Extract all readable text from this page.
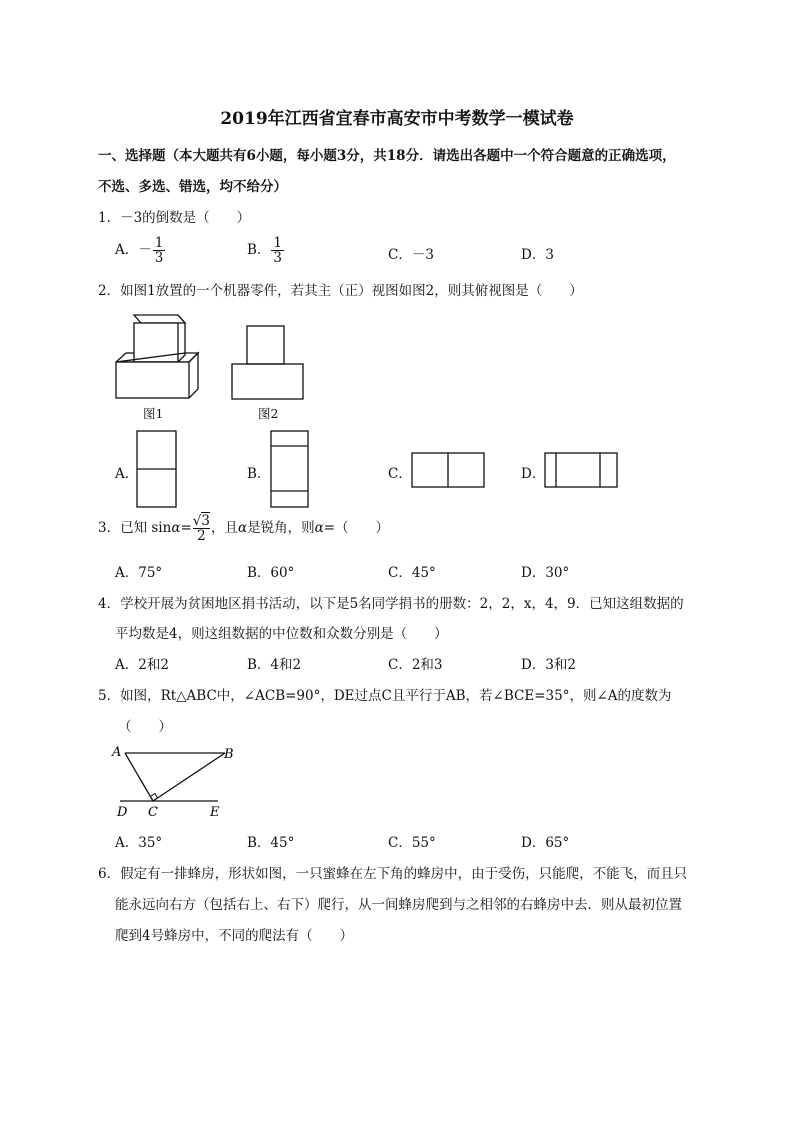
2019年江西省宜春市高安市中考数学一模试卷
一、选择题（本大题共有6小题，每小题3分，共18分．请选出各题中一个符合题意的正确选项，
不选、多选、错选，均不给分）
1．－3的倒数是（　　）
A．－ $\frac{1}{3}$	B． $\frac{1}{3}$	C．－3	D．3
2．如图1放置的一个机器零件，若其主（正）视图如图2，则其俯视图是（　　）
图1	图2
A．	B．	C．	D．
3．已知 $\sin\alpha= \frac{√3}{2}$ ，且α是锐角，则α=（　　）
A．75°	B．60°	C．45°	D．30°
4．学校开展为贫困地区捐书活动，以下是5名同学捐书的册数：2，2，x，4，9．已知这组数据的
平均数是4，则这组数据的中位数和众数分别是（　　）
A．2和2	B．4和2	C．2和3	D．3和2
5．如图，Rt△ABC中，∠ACB=90°，DE过点C且平行于AB，若∠BCE=35°，则∠A的度数为
（　　）
A	B
C
D	E
A．35°	B．45°	C．55°	D．65°
6．假定有一排蜂房，形状如图，一只蜜蜂在左下角的蜂房中，由于受伤，只能爬，不能飞，而且只
能永远向右方（包括右上、右下）爬行，从一间蜂房爬到与之相邻的右蜂房中去．则从最初位置
爬到4号蜂房中，不同的爬法有（　　）
